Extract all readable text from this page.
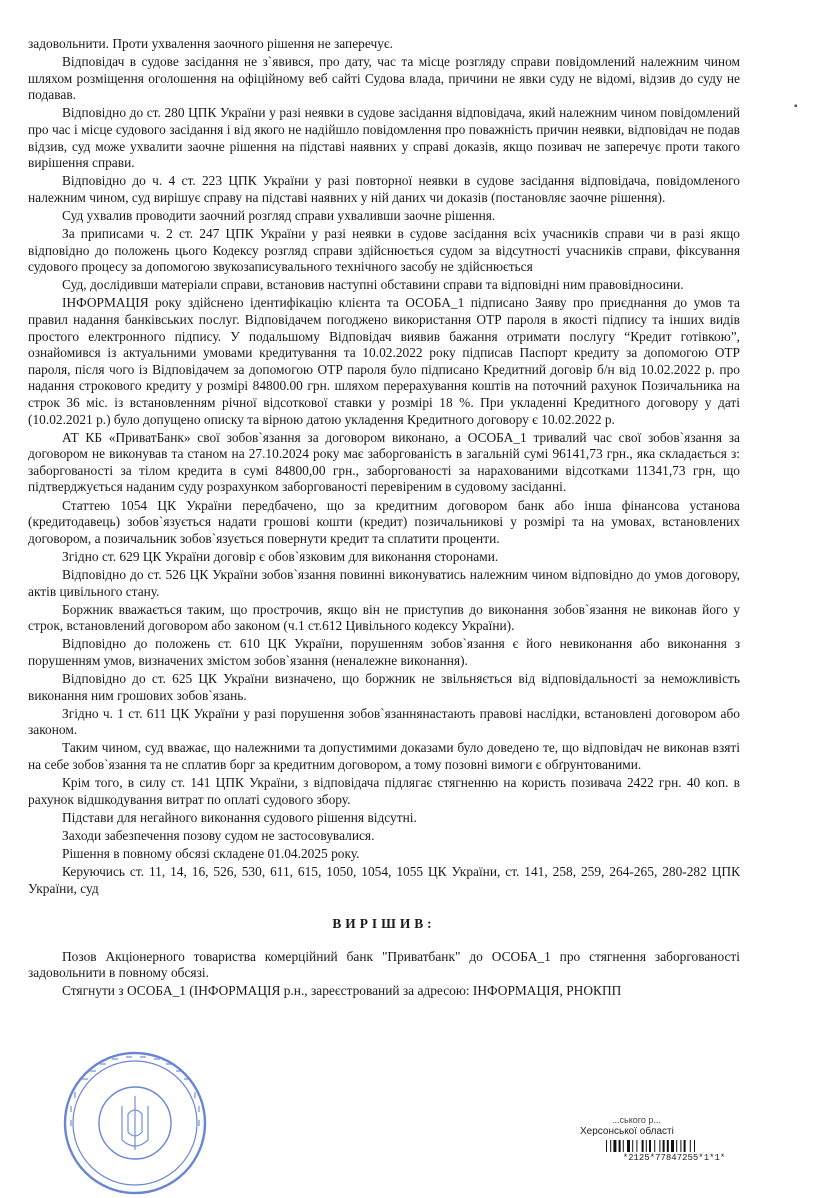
задовольнити. Проти ухвалення заочного рішення не заперечує.

Відповідач в судове засідання не з`явився, про дату, час та місце розгляду справи повідомлений належним чином шляхом розміщення оголошення на офіційному веб сайті Судова влада, причини не явки суду не відомі, відзив до суду не подавав.

Відповідно до ст. 280 ЦПК України у разі неявки в судове засідання відповідача, який належним чином повідомлений про час і місце судового засідання і від якого не надійшло повідомлення про поважність причин неявки, відповідач не подав відзив, суд може ухвалити заочне рішення на підставі наявних у справі доказів, якщо позивач не заперечує проти такого вирішення справи.

Відповідно до ч. 4 ст. 223 ЦПК України у разі повторної неявки в судове засідання відповідача, повідомленого належним чином, суд вирішує справу на підставі наявних у ній даних чи доказів (постановляє заочне рішення).

Суд ухвалив проводити заочний розгляд справи ухваливши заочне рішення.

За приписами ч. 2 ст. 247 ЦПК України у разі неявки в судове засідання всіх учасників справи чи в разі якщо відповідно до положень цього Кодексу розгляд справи здійснюється судом за відсутності учасників справи, фіксування судового процесу за допомогою звукозаписувального технічного засобу не здійснюється

Суд, дослідивши матеріали справи, встановив наступні обставини справи та відповідні ним правовідносини.

ІНФОРМАЦІЯ року здійснено ідентифікацію клієнта та ОСОБА_1 підписано Заяву про приєднання до умов та правил надання банківських послуг. Відповідачем погоджено використання ОТР пароля в якості підпису та інших видів простого електронного підпису. У подальшому Відповідач виявив бажання отримати послугу “Кредит готівкою”, ознайомився із актуальними умовами кредитування та 10.02.2022 року підписав Паспорт кредиту за допомогою ОТР пароля, після чого із Відповідачем за допомогою ОТР пароля було підписано Кредитний договір б/н від 10.02.2022 р. про надання строкового кредиту у розмірі 84800.00 грн. шляхом перерахування коштів на поточний рахунок Позичальника на строк 36 міс. із встановленням річної відсоткової ставки у розмірі 18 %. При укладенні Кредитного договору у даті (10.02.2021 р.) було допущено описку та вірною датою укладення Кредитного договору є 10.02.2022 р.

АТ КБ «ПриватБанк» свої зобов`язання за договором виконано, а ОСОБА_1 тривалий час свої зобов`язання за договором не виконував та станом на 27.10.2024 року має заборгованість в загальній сумі 96141,73 грн., яка складається з: заборгованості за тілом кредита в сумі 84800,00 грн., заборгованості за нарахованими відсотками 11341,73 грн, що підтверджується наданим суду розрахунком заборгованості перевіреним в судовому засіданні.

Статтею 1054 ЦК України передбачено, що за кредитним договором банк або інша фінансова установа (кредитодавець) зобов`язується надати грошові кошти (кредит) позичальникові у розмірі та на умовах, встановлених договором, а позичальник зобов`язується повернути кредит та сплатити проценти.

Згідно ст. 629 ЦК України договір є обов`язковим для виконання сторонами.

Відповідно до ст. 526 ЦК України зобов`язання повинні виконуватись належним чином відповідно до умов договору, актів цивільного стану.

Боржник вважається таким, що прострочив, якщо він не приступив до виконання зобов`язання не виконав його у строк, встановлений договором або законом (ч.1 ст.612 Цивільного кодексу України).

Відповідно до положень ст. 610 ЦК України, порушенням зобов`язання є його невиконання або виконання з порушенням умов, визначених змістом зобов`язання (неналежне виконання).

Відповідно до ст. 625 ЦК України визначено, що боржник не звільняється від відповідальності за неможливість виконання ним грошових зобов`язань.

Згідно ч. 1 ст. 611 ЦК України у разі порушення зобов`язаннянастають правові наслідки, встановлені договором або законом.

Таким чином, суд вважає, що належними та допустимими доказами було доведено те, що відповідач не виконав взяті на себе зобов`язання та не сплатив борг за кредитним договором, а тому позовні вимоги є обґрунтованими.

Крім того, в силу ст. 141 ЦПК України, з відповідача підлягає стягненню на користь позивача 2422 грн. 40 коп. в рахунок відшкодування витрат по оплаті судового збору.

Підстави для негайного виконання судового рішення відсутні.

Заходи забезпечення позову судом не застосовувалися.

Рішення в повному обсязі складене 01.04.2025 року.

Керуючись ст. 11, 14, 16, 526, 530, 611, 615, 1050, 1054, 1055 ЦК України, ст. 141, 258, 259, 264-265, 280-282 ЦПК України, суд

ВИРІШИВ:

Позов Акціонерного товариства комерційний банк "Приватбанк" до ОСОБА_1 про стягнення заборгованості задовольнити в повному обсязі.

Стягнути з ОСОБА_1 (ІНФОРМАЦІЯ р.н., зареєстрований за адресою: ІНФОРМАЦІЯ, РНОКПП

▪
...ського р...
Херсонської області
*2125*77847255*1*1*
